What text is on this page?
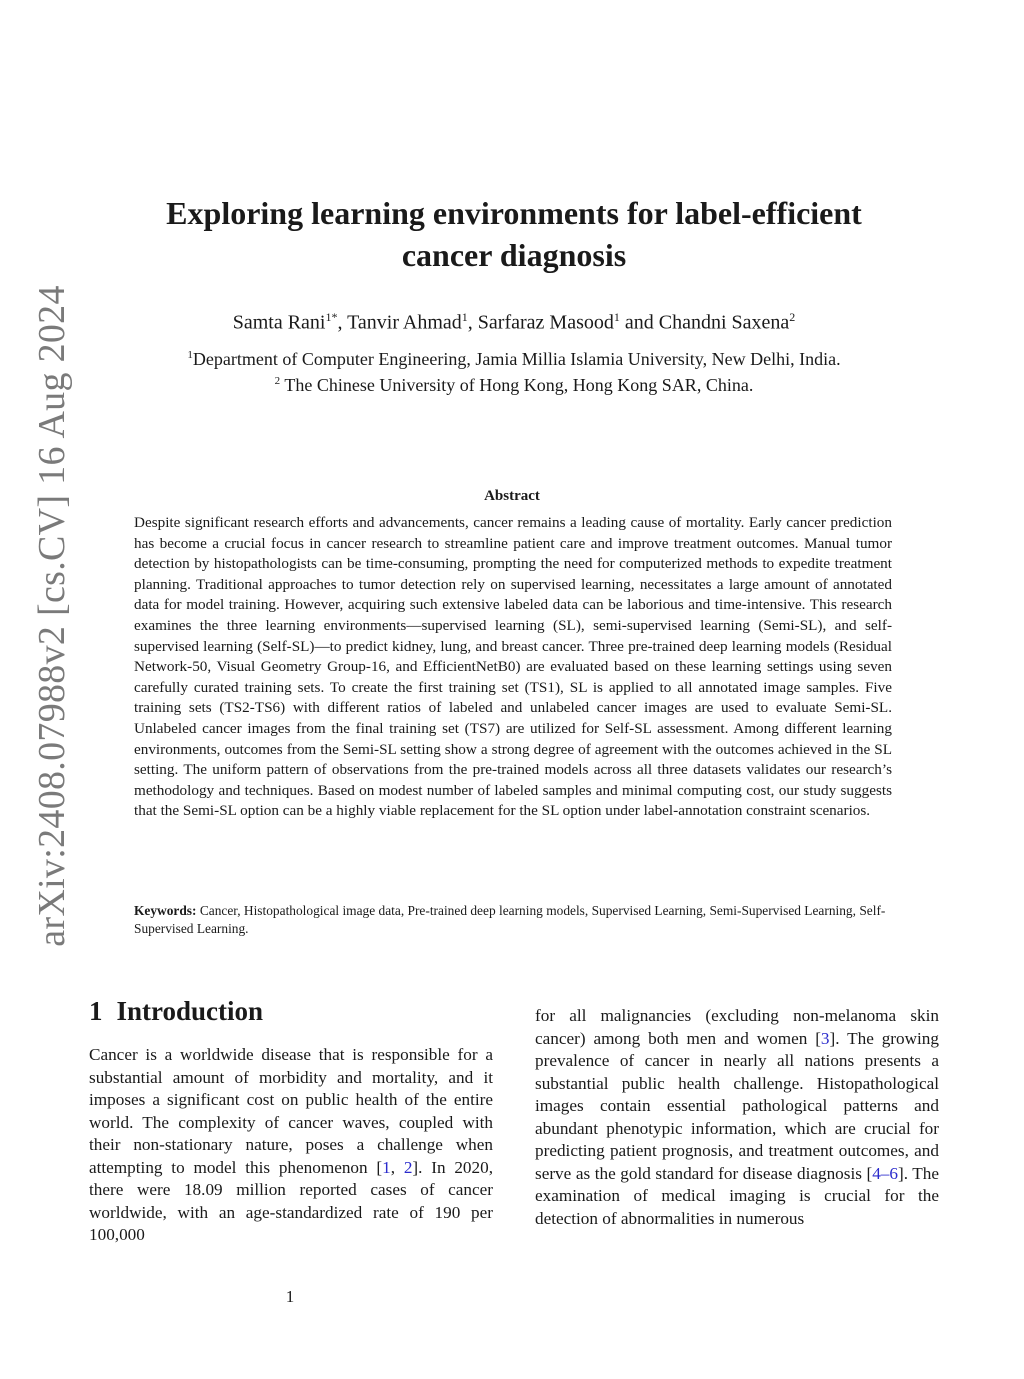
arXiv:2408.07988v2 [cs.CV] 16 Aug 2024
Exploring learning environments for label-efficient
cancer diagnosis
Samta Rani$^{1*}$, Tanvir Ahmad$^1$, Sarfaraz Masood$^1$ and Chandni Saxena$^2$
$^1$Department of Computer Engineering, Jamia Millia Islamia University, New Delhi, India.
$^2$ The Chinese University of Hong Kong, Hong Kong SAR, China.
Abstract

Despite significant research efforts and advancements, cancer remains a leading cause of mortality. Early cancer prediction has become a crucial focus in cancer research to streamline patient care and improve treatment outcomes. Manual tumor detection by histopathologists can be time-consuming, prompting the need for computerized methods to expedite treatment planning. Traditional approaches to tumor detection rely on supervised learning, necessitates a large amount of annotated data for model training. However, acquiring such extensive labeled data can be laborious and time-intensive. This research examines the three learning environments—supervised learning (SL), semi-supervised learning (Semi-SL), and self-supervised learning (Self-SL)—to predict kidney, lung, and breast cancer. Three pre-trained deep learning models (Residual Network-50, Visual Geometry Group-16, and EfficientNetB0) are evaluated based on these learning settings using seven carefully curated training sets. To create the first training set (TS1), SL is applied to all annotated image samples. Five training sets (TS2-TS6) with different ratios of labeled and unlabeled cancer images are used to evaluate Semi-SL. Unlabeled cancer images from the final training set (TS7) are utilized for Self-SL assessment. Among different learning environments, outcomes from the Semi-SL setting show a strong degree of agreement with the outcomes achieved in the SL setting. The uniform pattern of observations from the pre-trained models across all three datasets validates our research’s methodology and techniques. Based on modest number of labeled samples and minimal computing cost, our study suggests that the Semi-SL option can be a highly viable replacement for the SL option under label-annotation constraint scenarios.

Keywords: Cancer, Histopathological image data, Pre-trained deep learning models, Supervised Learning, Semi-Supervised Learning, Self-Supervised Learning.

1 Introduction

Cancer is a worldwide disease that is responsible for a substantial amount of morbidity and mortality, and it imposes a significant cost on public health of the entire world. The complexity of cancer waves, coupled with their non-stationary nature, poses a challenge when attempting to model this phenomenon [1, 2]. In 2020, there were 18.09 million reported cases of cancer worldwide, with an age-standardized rate of 190 per 100,000

for all malignancies (excluding non-melanoma skin cancer) among both men and women [3]. The growing prevalence of cancer in nearly all nations presents a substantial public health challenge. Histopathological images contain essential pathological patterns and abundant phenotypic information, which are crucial for predicting patient prognosis, and treatment outcomes, and serve as the gold standard for disease diagnosis [4–6]. The examination of medical imaging is crucial for the detection of abnormalities in numerous

1
